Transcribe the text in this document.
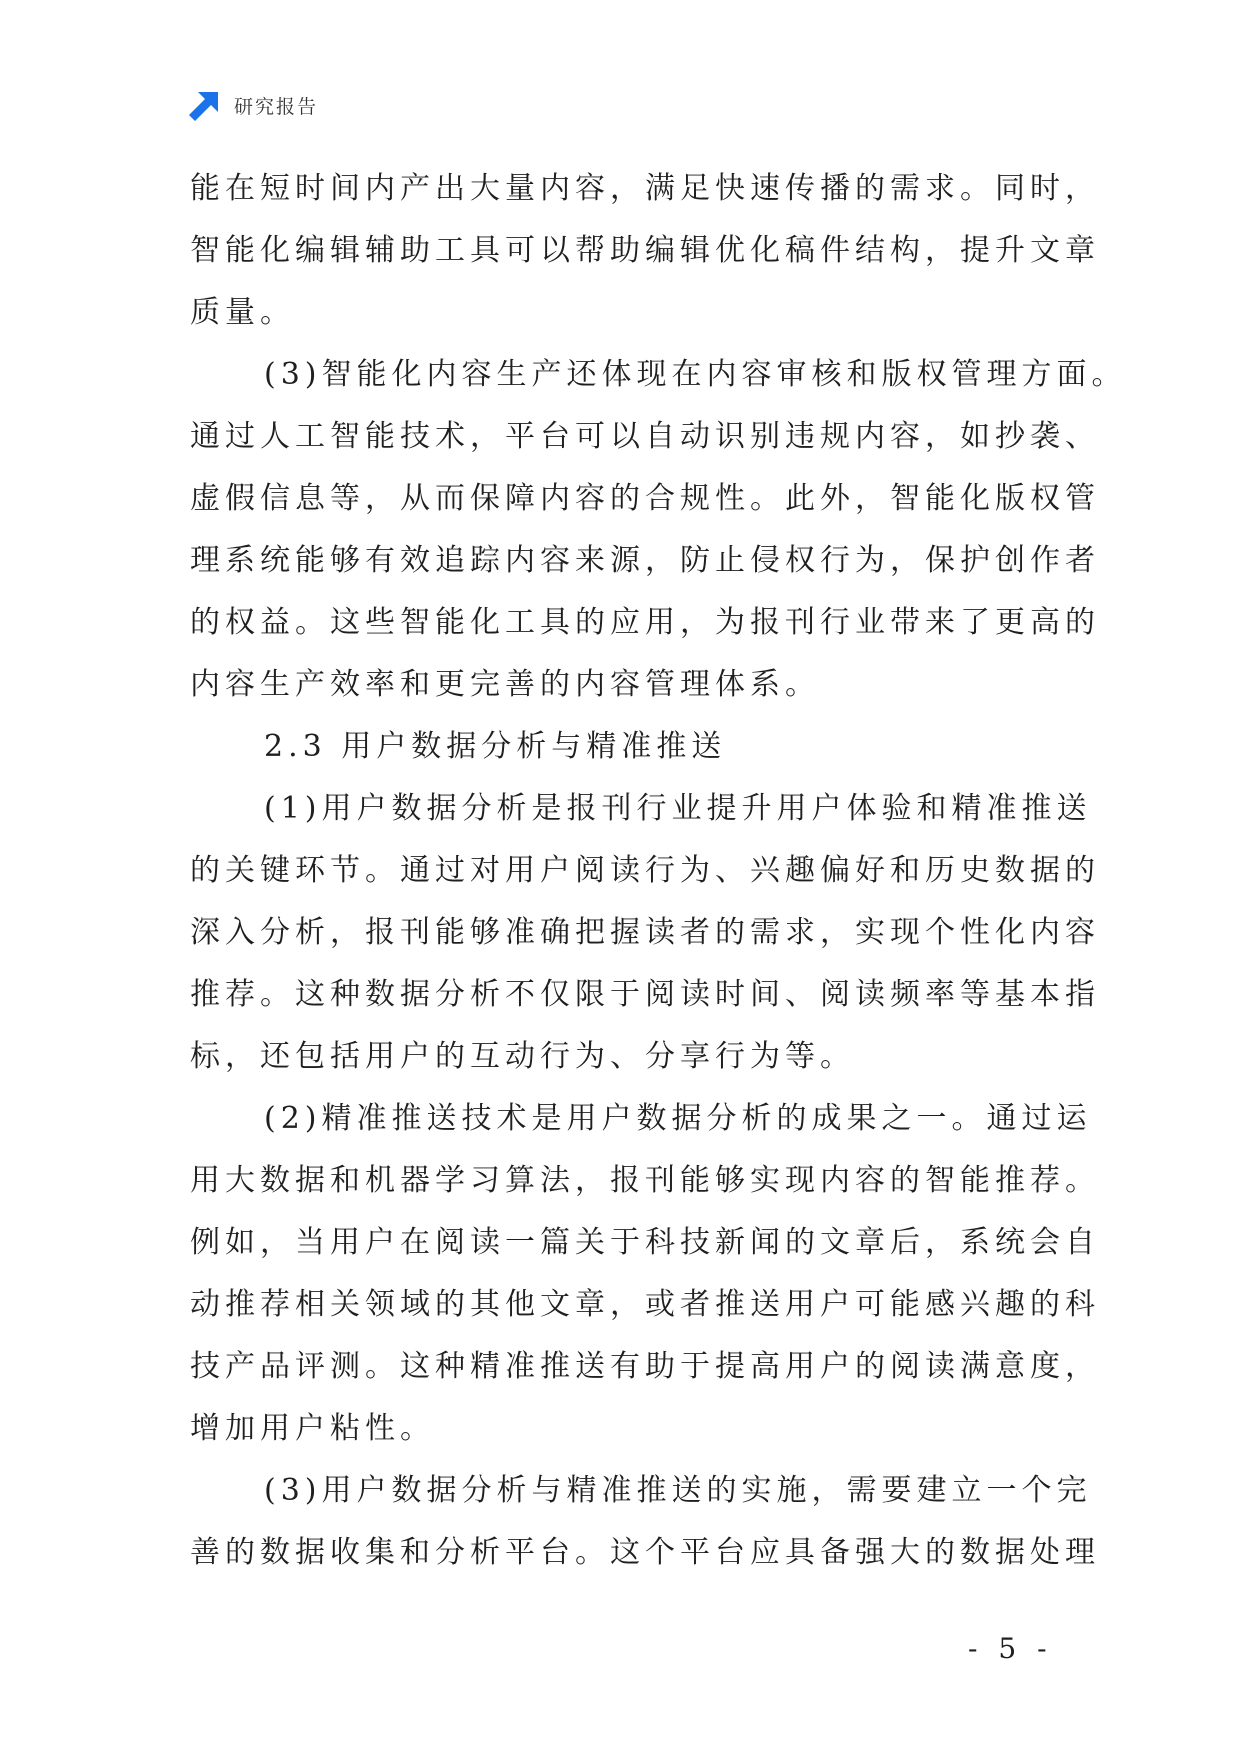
研究报告
能在短时间内产出大量内容，满足快速传播的需求。同时，
智能化编辑辅助工具可以帮助编辑优化稿件结构，提升文章
质量。
(3)智能化内容生产还体现在内容审核和版权管理方面。
通过人工智能技术，平台可以自动识别违规内容，如抄袭、
虚假信息等，从而保障内容的合规性。此外，智能化版权管
理系统能够有效追踪内容来源，防止侵权行为，保护创作者
的权益。这些智能化工具的应用，为报刊行业带来了更高的
内容生产效率和更完善的内容管理体系。
2.3 用户数据分析与精准推送
(1)用户数据分析是报刊行业提升用户体验和精准推送
的关键环节。通过对用户阅读行为、兴趣偏好和历史数据的
深入分析，报刊能够准确把握读者的需求，实现个性化内容
推荐。这种数据分析不仅限于阅读时间、阅读频率等基本指
标，还包括用户的互动行为、分享行为等。
(2)精准推送技术是用户数据分析的成果之一。通过运
用大数据和机器学习算法，报刊能够实现内容的智能推荐。
例如，当用户在阅读一篇关于科技新闻的文章后，系统会自
动推荐相关领域的其他文章，或者推送用户可能感兴趣的科
技产品评测。这种精准推送有助于提高用户的阅读满意度，
增加用户粘性。
(3)用户数据分析与精准推送的实施，需要建立一个完
善的数据收集和分析平台。这个平台应具备强大的数据处理
- 5 -
